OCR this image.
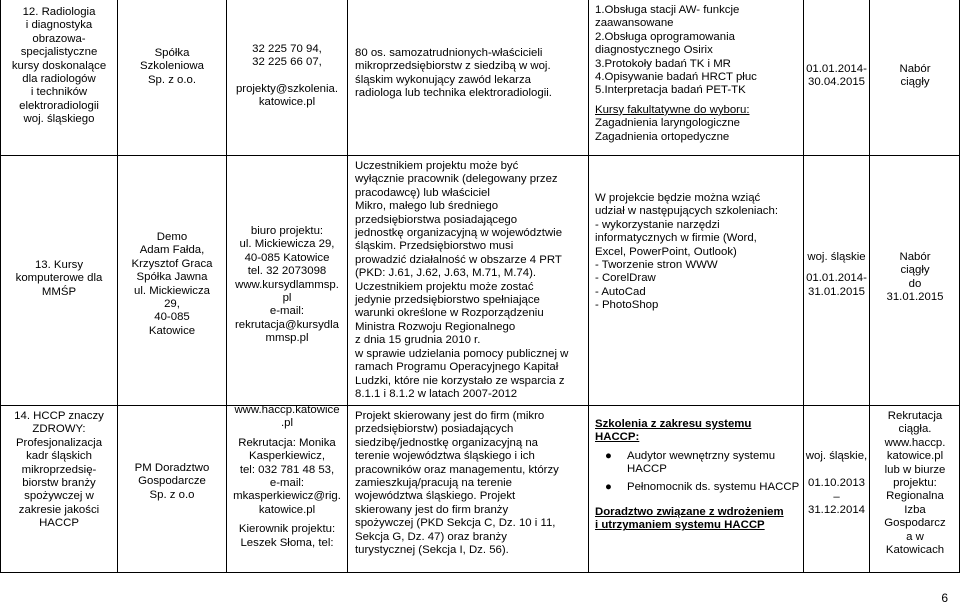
12. Radiologia
i diagnostyka
obrazowa-
specjalistyczne
kursy doskonalące
dla radiologów
i techników
elektroradiologii
woj. śląskiego
Spółka
Szkoleniowa
Sp. z o.o.
32 225 70 94,
32 225 66 07,
projekty@szkolenia.
katowice.pl
80 os. samozatrudnionych-właścicieli
mikroprzedsiębiorstw z siedzibą w woj.
śląskim wykonujący zawód lekarza
radiologa lub technika elektroradiologii.
1.Obsługa stacji AW- funkcje
zaawansowane
2.Obsługa oprogramowania
diagnostycznego Osirix
3.Protokoły badań TK i MR
4.Opisywanie badań HRCT płuc
5.Interpretacja badań PET-TK
Kursy fakultatywne do wyboru:
Zagadnienia laryngologiczne
Zagadnienia ortopedyczne
01.01.2014-
30.04.2015
Nabór
ciągły
13. Kursy
komputerowe dla
MMŚP
Demo
Adam Fałda,
Krzysztof Graca
Spółka Jawna
ul. Mickiewicza
29,
40-085
Katowice
biuro projektu:
ul. Mickiewicza 29,
40-085 Katowice
tel. 32 2073098
www.kursydlammsp.
pl
e-mail:
rekrutacja@kursydla
mmsp.pl
Uczestnikiem projektu może być
wyłącznie pracownik (delegowany przez
pracodawcę) lub właściciel
Mikro, małego lub średniego
przedsiębiorstwa posiadającego
jednostkę organizacyjną w województwie
śląskim. Przedsiębiorstwo musi
prowadzić działalność w obszarze 4 PRT
(PKD: J.61, J.62, J.63, M.71, M.74).
Uczestnikiem projektu może zostać
jedynie przedsiębiorstwo spełniające
warunki określone w Rozporządzeniu
Ministra Rozwoju Regionalnego
z dnia 15 grudnia 2010 r.
w sprawie udzielania pomocy publicznej w
ramach Programu Operacyjnego Kapitał
Ludzki, które nie korzystało ze wsparcia z
8.1.1 i 8.1.2 w latach 2007-2012
W projekcie będzie można wziąć
udział w następujących szkoleniach:
- wykorzystanie narzędzi
informatycznych w firmie (Word,
Excel, PowerPoint, Outlook)
- Tworzenie stron WWW
- CorelDraw
- AutoCad
- PhotoShop
woj. śląskie
01.01.2014-
31.01.2015
Nabór
ciągły
do
31.01.2015
14. HCCP znaczy
ZDROWY:
Profesjonalizacja
kadr śląskich
mikroprzedsię-
biorstw branży
spożywczej w
zakresie jakości
HACCP
PM Doradztwo
Gospodarcze
Sp. z o.o
www.haccp.katowice
.pl
Rekrutacja: Monika
Kasperkiewicz,
tel: 032 781 48 53,
e-mail:
mkasperkiewicz@rig.
katowice.pl
Kierownik projektu:
Leszek Słoma, tel:
Projekt skierowany jest do firm (mikro
przedsiębiorstw) posiadających
siedzibę/jednostkę organizacyjną na
terenie województwa śląskiego i ich
pracowników oraz managementu, którzy
zamieszkują/pracują na terenie
województwa śląskiego. Projekt
skierowany jest do firm branży
spożywczej (PKD Sekcja C, Dz. 10 i 11,
Sekcja G, Dz. 47) oraz branży
turystycznej (Sekcja I, Dz. 56).
Szkolenia z zakresu systemu HACCP:
● Audytor wewnętrzny systemu HACCP
● Pełnomocnik ds. systemu HACCP
Doradztwo związane z wdrożeniem
i utrzymaniem systemu HACCP
woj. śląskie,
01.10.2013
–
31.12.2014
Rekrutacja
ciągła.
www.haccp.
katowice.pl
lub w biurze
projektu:
Regionalna
Izba
Gospodarcz
a w
Katowicach
6
